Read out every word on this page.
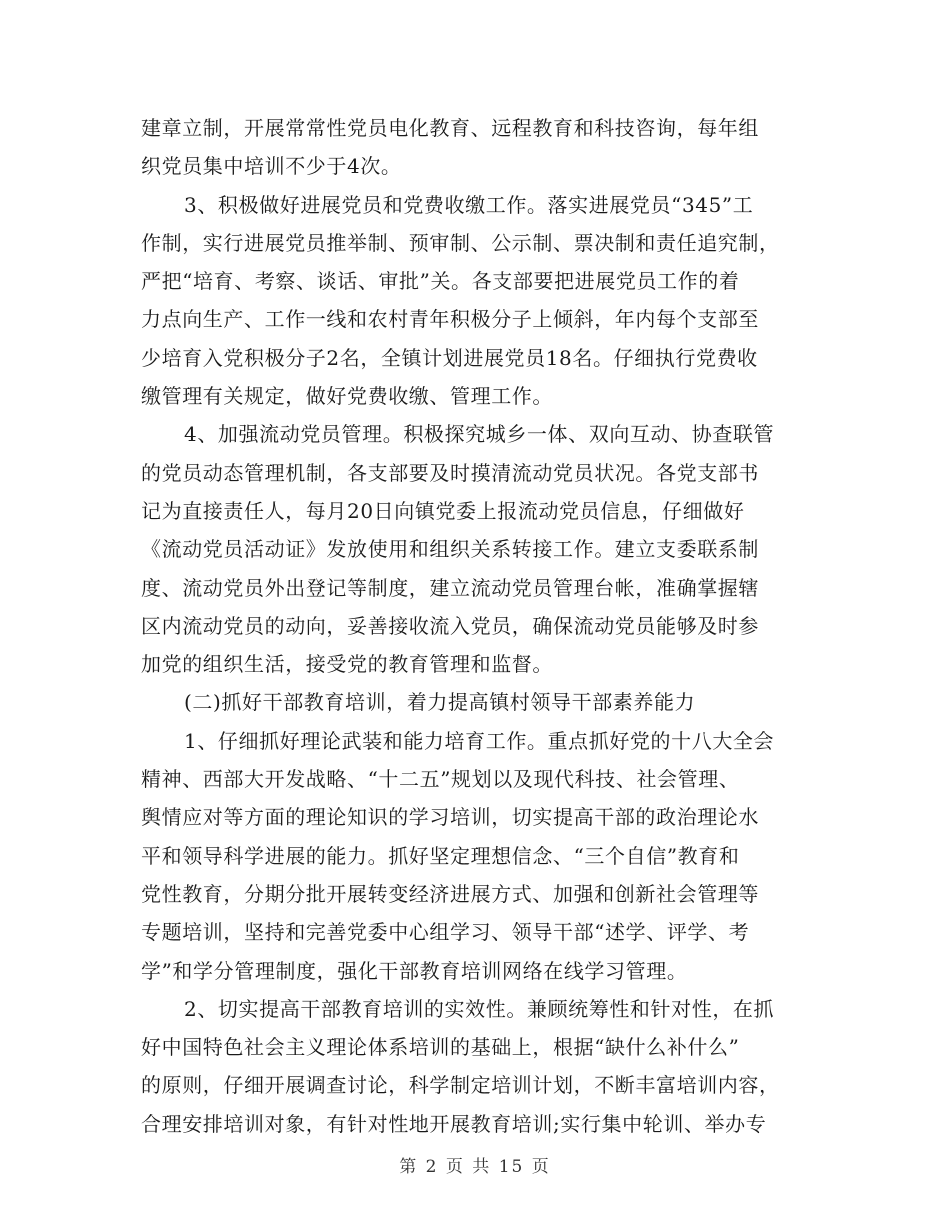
建章立制，开展常常性党员电化教育、远程教育和科技咨询，每年组
织党员集中培训不少于4次。
3、积极做好进展党员和党费收缴工作。落实进展党员“345”工
作制，实行进展党员推举制、预审制、公示制、票决制和责任追究制，
严把“培育、考察、谈话、审批”关。各支部要把进展党员工作的着
力点向生产、工作一线和农村青年积极分子上倾斜，年内每个支部至
少培育入党积极分子2名，全镇计划进展党员18名。仔细执行党费收
缴管理有关规定，做好党费收缴、管理工作。
4、加强流动党员管理。积极探究城乡一体、双向互动、协查联管
的党员动态管理机制，各支部要及时摸清流动党员状况。各党支部书
记为直接责任人，每月20日向镇党委上报流动党员信息，仔细做好
《流动党员活动证》发放使用和组织关系转接工作。建立支委联系制
度、流动党员外出登记等制度，建立流动党员管理台帐，准确掌握辖
区内流动党员的动向，妥善接收流入党员，确保流动党员能够及时参
加党的组织生活，接受党的教育管理和监督。
(二)抓好干部教育培训，着力提高镇村领导干部素养能力
1、仔细抓好理论武装和能力培育工作。重点抓好党的十八大全会
精神、西部大开发战略、“十二五”规划以及现代科技、社会管理、
舆情应对等方面的理论知识的学习培训，切实提高干部的政治理论水
平和领导科学进展的能力。抓好坚定理想信念、“三个自信”教育和
党性教育，分期分批开展转变经济进展方式、加强和创新社会管理等
专题培训，坚持和完善党委中心组学习、领导干部“述学、评学、考
学”和学分管理制度，强化干部教育培训网络在线学习管理。
2、切实提高干部教育培训的实效性。兼顾统筹性和针对性，在抓
好中国特色社会主义理论体系培训的基础上，根据“缺什么补什么”
的原则，仔细开展调查讨论，科学制定培训计划，不断丰富培训内容，
合理安排培训对象，有针对性地开展教育培训;实行集中轮训、举办专
第 2 页 共 15 页
